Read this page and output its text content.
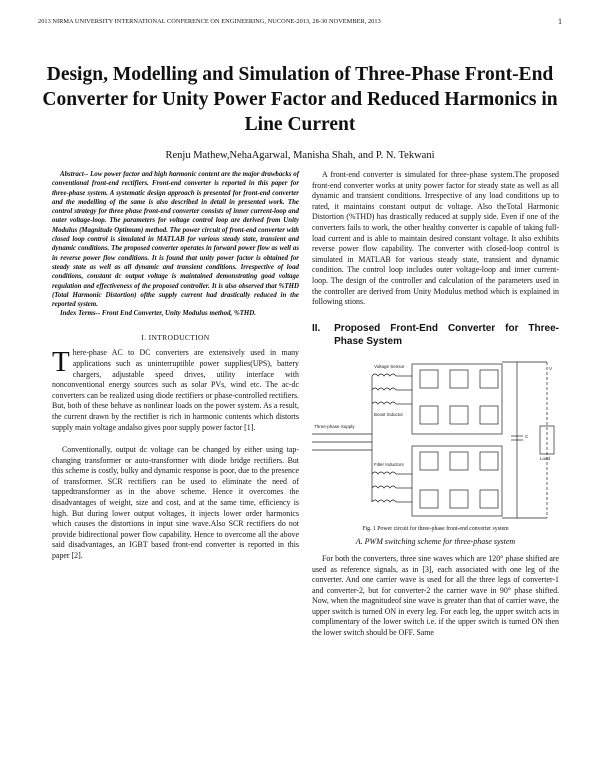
2013 NIRMA UNIVERSITY INTERNATIONAL CONFERENCE ON ENGINEERING, NUCONE-2013, 28-30 NOVEMBER, 2013	1
Design, Modelling and Simulation of Three-Phase Front-End Converter for Unity Power Factor and Reduced Harmonics in Line Current
Renju Mathew,NehaAgarwal, Manisha Shah, and P. N. Tekwani

Abstract-- Low power factor and high harmonic content are the major drawbacks of conventional front-end rectifiers. Front-end converter is reported in this paper for three-phase system. A systematic design approach is presented for front-end converter and the modelling of the same is also described in detail in presented work. The control strategy for three phase front-end converter consists of inner current-loop and outer voltage-loop. The parameters for voltage control loop are derived from Unity Modulus (Magnitude Optimum) method. The power circuit of front-end converter with closed loop control is simulated in MATLAB for various steady state, transient and dynamic conditions. The proposed converter operates in forward power flow as well as in reverse power flow conditions. It is found that unity power factor is obtained for steady state as well as all dynamic and transient conditions. Irrespective of load conditions, constant dc output voltage is maintained demonstrating good voltage regulation and effectiveness of the proposed controller. It is also observed that %THD (Total Harmonic Distortion) ofthe supply current had drastically reduced in the reported system.

Index Terms-- Front End Converter, Unity Modulus method, %THD.

I. INTRODUCTION

There-phase AC to DC converters are extensively used in many applications such as uninterruptible power supplies(UPS), battery chargers, adjustable speed drives, utility interface with nonconventional energy sources such as solar PVs, wind etc. The ac-dc converters can be realized using diode rectifiers or phase-controlled rectifiers. But, both of these behave as nonlinear loads on the power system. As a result, the current drawn by the rectifier is rich in harmonic contents which distorts supply main voltage andalso gives poor supply power factor [1].

Conventionally, output dc voltage can be changed by either using tap-changing transformer or auto-transformer with diode bridge rectifiers. But this scheme is costly, bulky and dynamic response is poor, due to the presence of transformer. SCR rectifiers can be used to eliminate the need of tappedtransformer as in the above scheme. Hence it overcomes the disadvantages of weight, size and cost, and at the same time, efficiency is high. But during lower output voltages, it injects lower order harmonics which causes the distortions in input sine wave.Also SCR rectifiers do not provide bidirectional power flow capability. Hence to overcome all the above said disadvantages, an IGBT based front-end converter is reported in this paper [2].

A front-end converter is simulated for three-phase system.The proposed front-end converter works at unity power factor for steady state as well as all dynamic and transient conditions. Irrespective of any load conditions up to rated, it maintains constant output dc voltage. Also theTotal Harmonic Distortion (%THD) has drastically reduced at supply side. Even if one of the converters fails to work, the other healthy converter is capable of taking full-load current and is able to maintain desired constant voltage. It also exhibits reverse power flow capability. The converter with closed-loop control is simulated in MATLAB for various steady state, transient and dynamic condition. The control loop includes outer voltage-loop and inner current-loop. The design of the controller and calculation of the parameters used in the controller are derived from Unity Modulus method which is explained in following stions.

II.	Proposed Front-End Converter for Three-Phase System
Three-phase Supply
Voltage Sensor
Boost Inductor
Filter Inductors
C
V
Load
Fig. 1 Power circuit for three-phase front-end converter system
A. PWM switching scheme for three-phase system

For both the converters, three sine waves which are 120° phase shifted are used as reference signals, as in [3], each associated with one leg of the converter. And one carrier wave is used for all the three legs of converter-1 and converter-2, but for converter-2 the carrier wave in 90° phase shifted. Now, when the magnitudeof sine wave is greater than that of carrier wave, the upper switch is turned ON in every leg. For each leg, the upper switch acts in complimentary of the lower switch i.e. if the upper switch is turned ON then the lower switch should be OFF. Same
